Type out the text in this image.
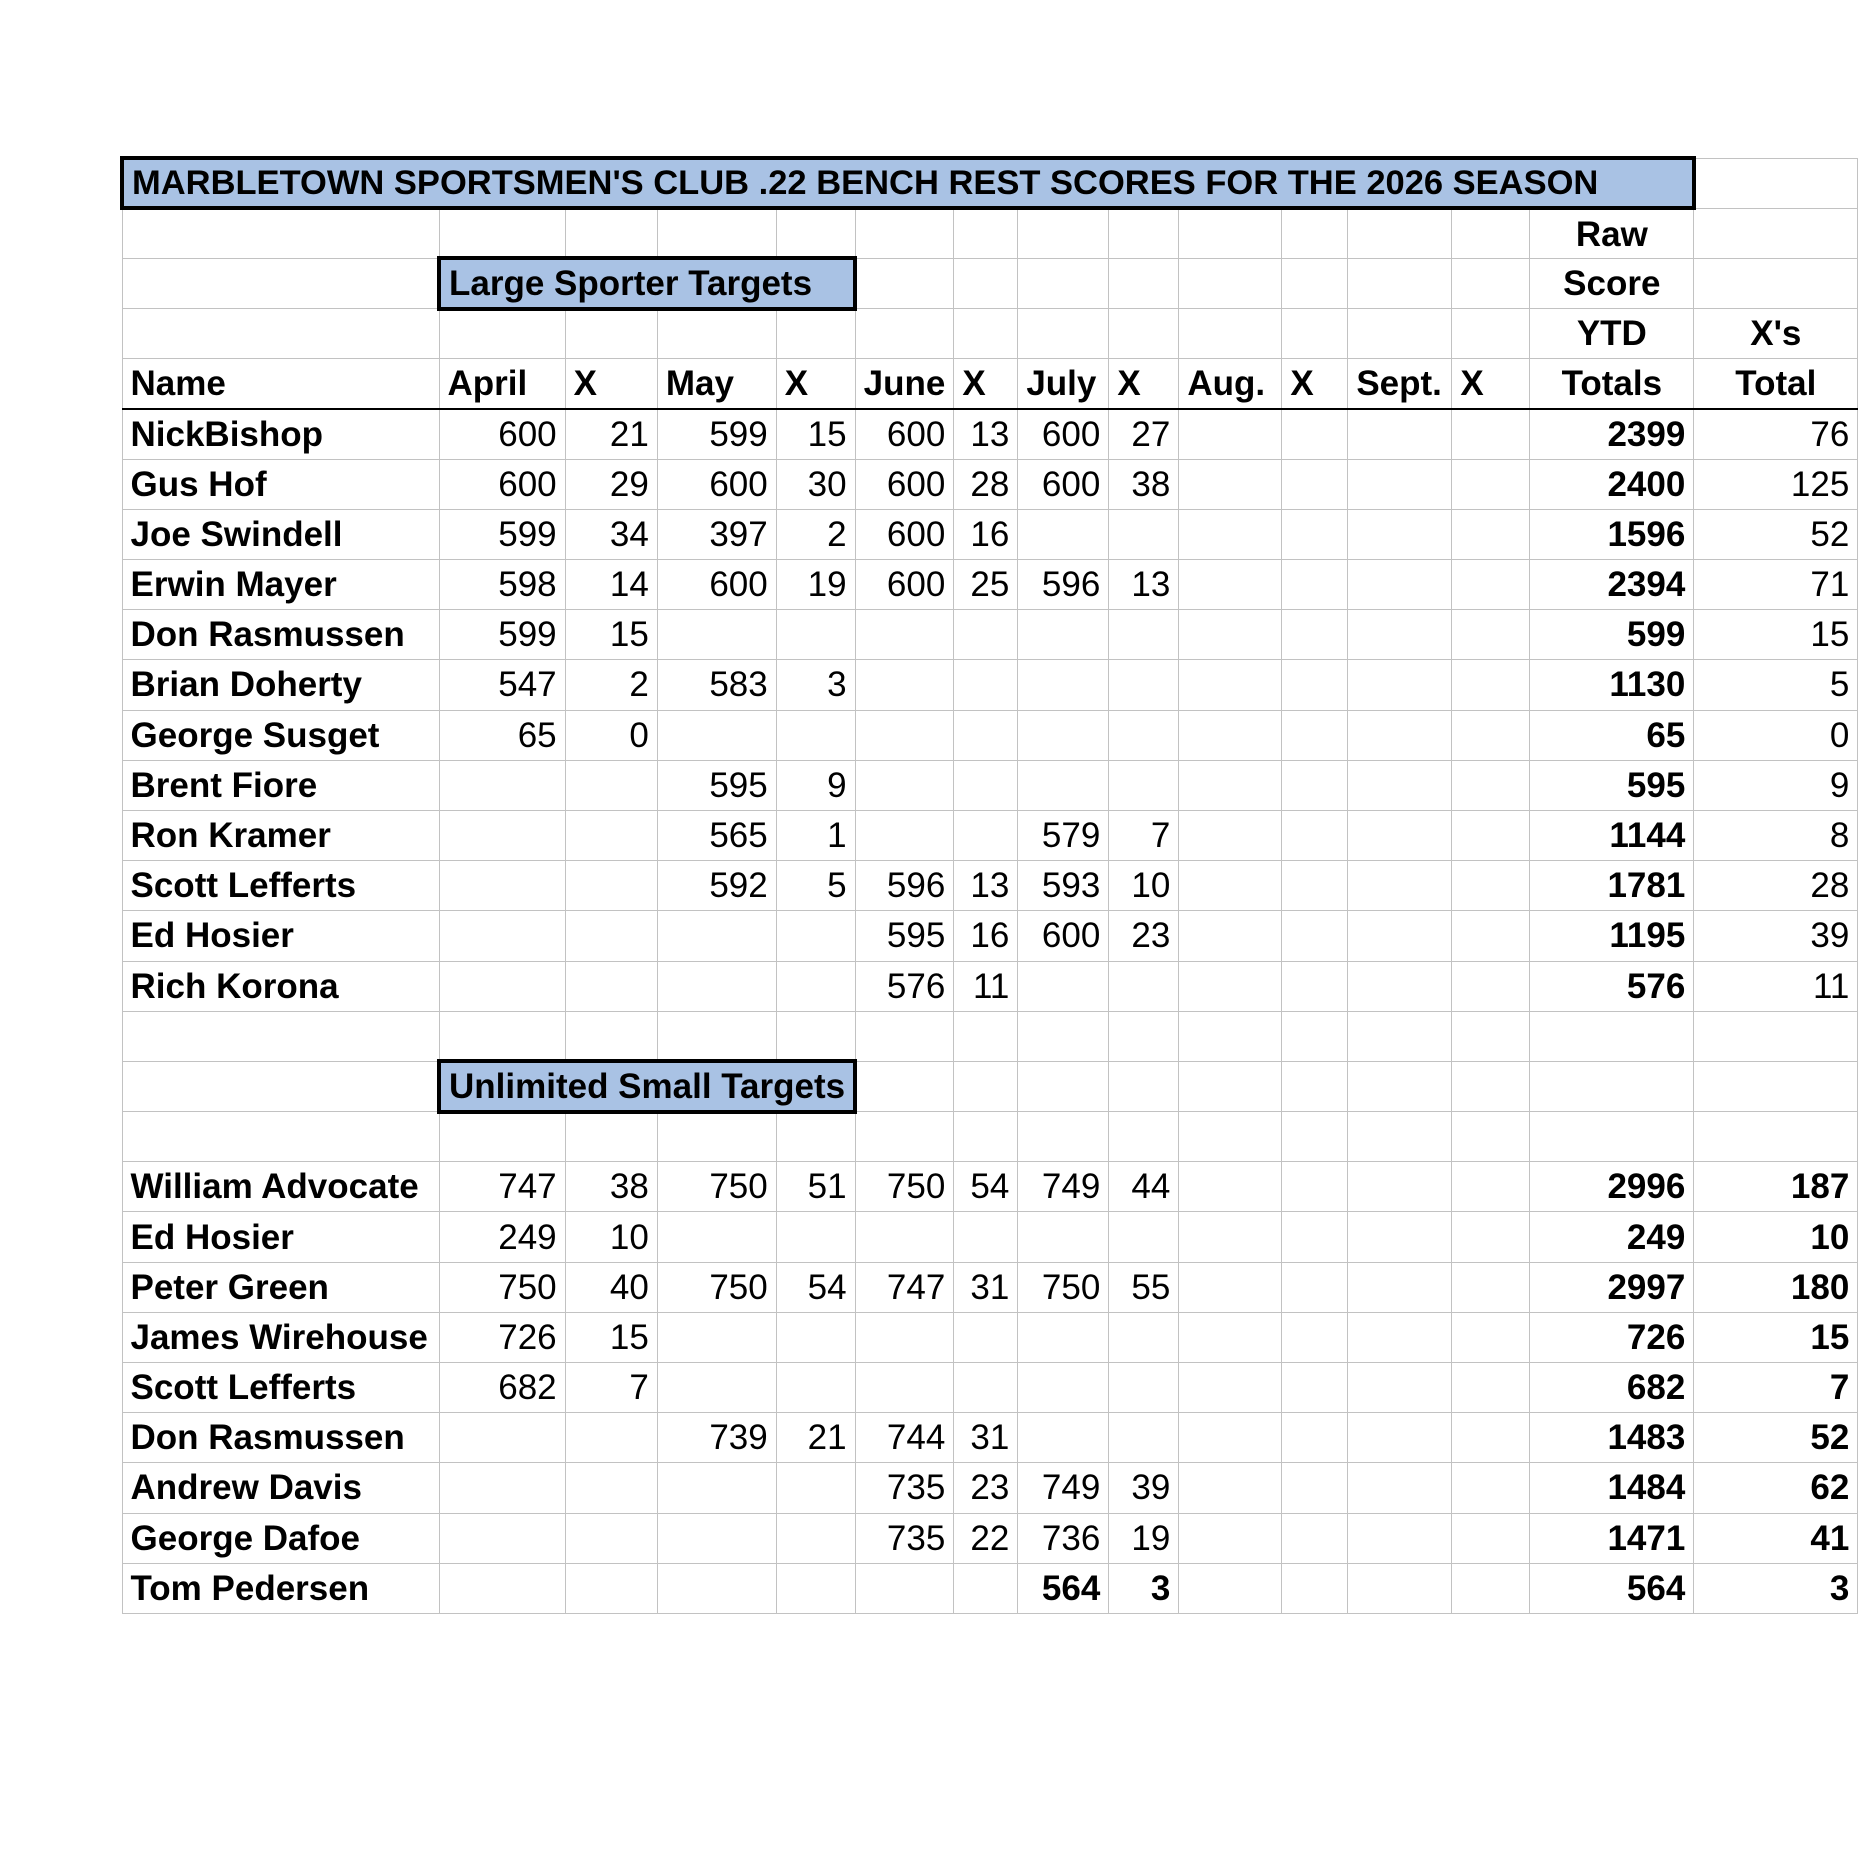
MARBLETOWN SPORTSMEN'S CLUB .22 BENCH REST SCORES FOR THE 2026 SEASON														
													Raw	
	Large Sporter Targets												Score	
													YTD	X's
Name	April	X	May	X	June	X	July	X	Aug.	X	Sept.	X	Totals	Total
NickBishop	600	21	599	15	600	13	600	27					2399	76
Gus Hof	600	29	600	30	600	28	600	38					2400	125
Joe Swindell	599	34	397	2	600	16							1596	52
Erwin Mayer	598	14	600	19	600	25	596	13					2394	71
Don Rasmussen	599	15											599	15
Brian Doherty	547	2	583	3									1130	5
George Susget	65	0											65	0
Brent Fiore			595	9									595	9
Ron Kramer			565	1			579	7					1144	8
Scott Lefferts			592	5	596	13	593	10					1781	28
Ed Hosier					595	16	600	23					1195	39
Rich Korona					576	11							576	11

	Unlimited Small Targets													

William Advocate	747	38	750	51	750	54	749	44					2996	187
Ed Hosier	249	10											249	10
Peter Green	750	40	750	54	747	31	750	55					2997	180
James Wirehouse	726	15											726	15
Scott Lefferts	682	7											682	7
Don Rasmussen			739	21	744	31							1483	52
Andrew Davis					735	23	749	39					1484	62
George Dafoe					735	22	736	19					1471	41
Tom Pedersen							564	3					564	3
